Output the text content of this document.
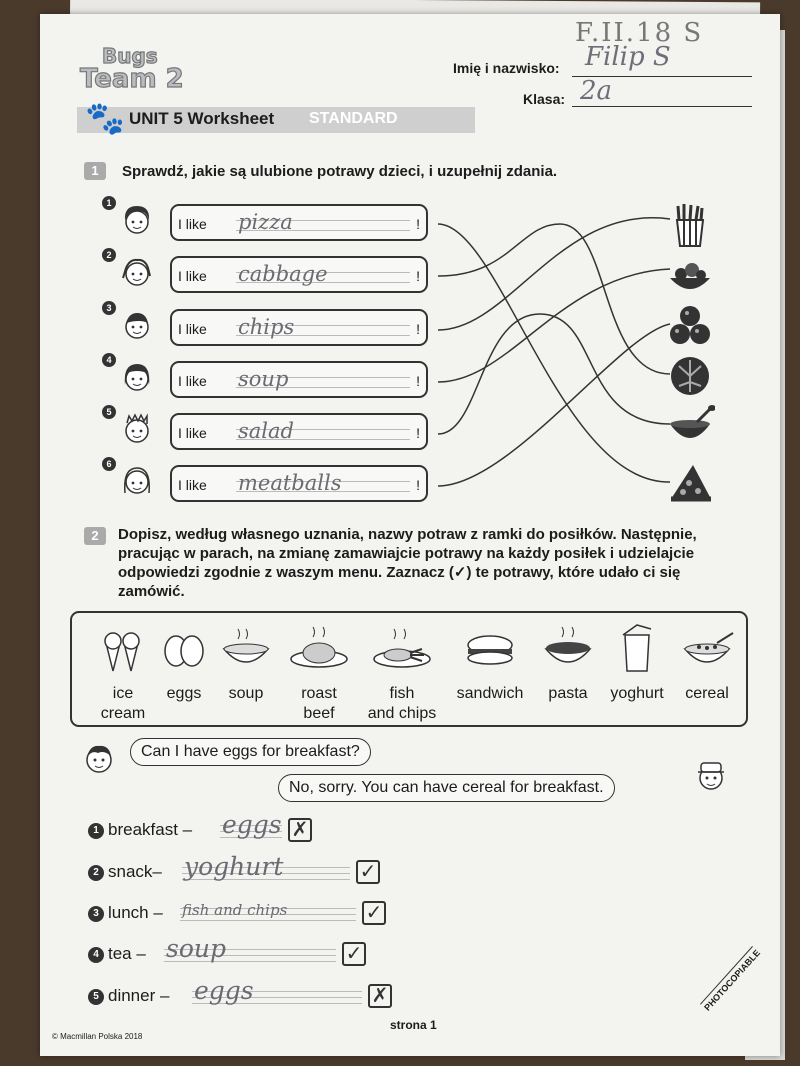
F.II.18 S
Bugs
Team 2	Imię i nazwisko: Filip S
Klasa: 2a
🐾 UNIT 5 Worksheet STANDARD
1	Sprawdź, jakie są ulubione potrawy dzieci, i uzupełnij zdania.
1
I like pizza	!
2
I like cabbage	!
3
I like chips	!
4
I like soup	!
5
I like salad	!
6
I like meatballs	!
2	Dopisz, według własnego uznania, nazwy potraw z ramki do posiłków. Następnie,
pracując w parach, na zmianę zamawiajcie potrawy na każdy posiłek i udzielajcie
odpowiedzi zgodnie z waszym menu. Zaznacz (✓) te potrawy, które udało ci się
zamówić.
ice
cream
eggs	soup	roast
beef
fish
and chips
sandwich	pasta	yoghurt	cereal
Can I have eggs for breakfast?
No, sorry. You can have cereal for breakfast.
1 breakfast – eggs ✗
2 snack– yoghurt	✓
3 lunch – fish and chips	✓
4 tea – soup	✓
5 dinner – eggs	✗
© Macmillan Polska 2018
strona 1
PHOTOCOPIABLE
